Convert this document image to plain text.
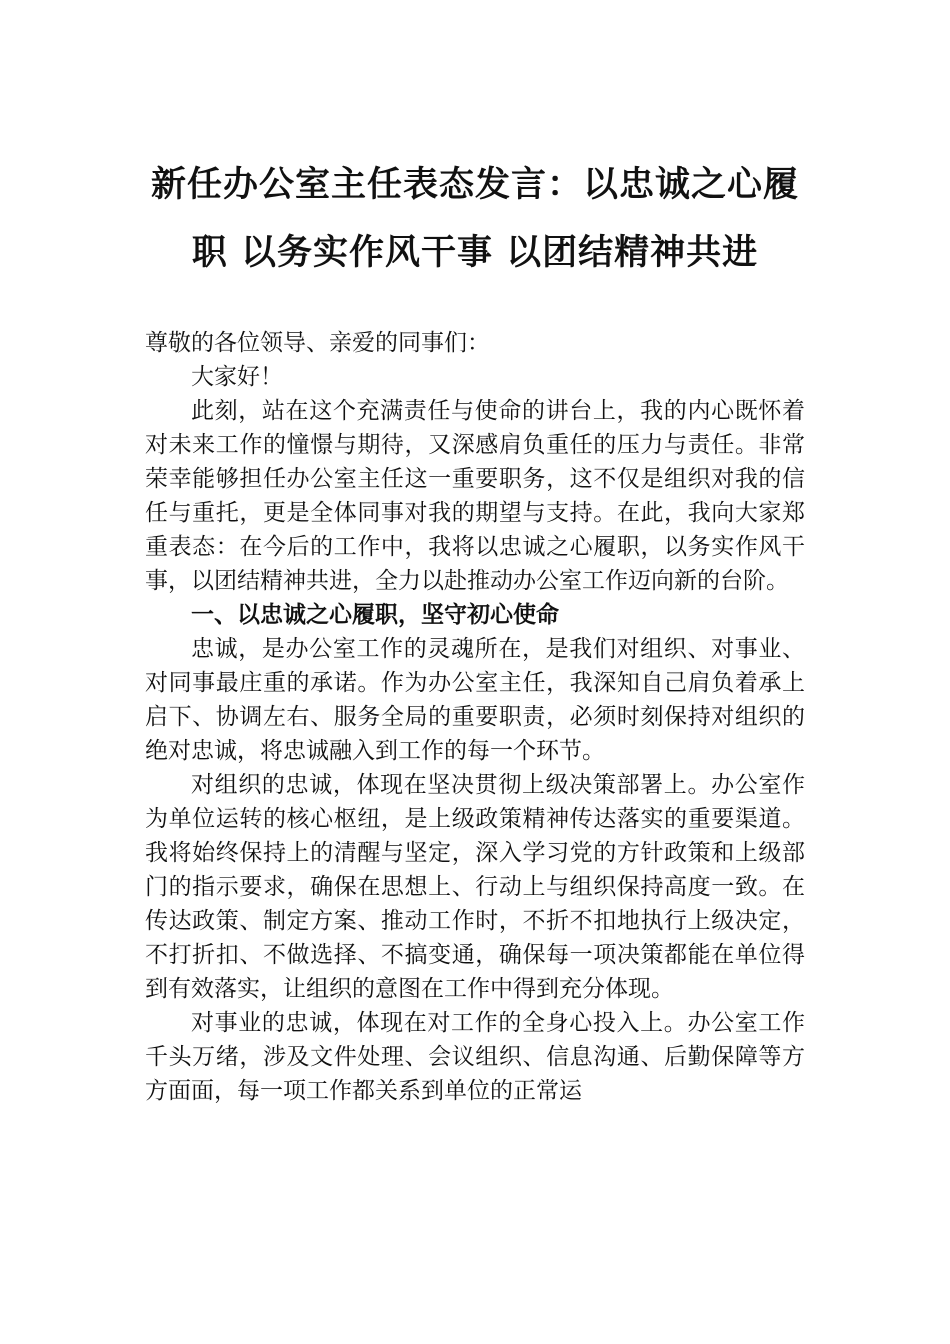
新任办公室主任表态发言：以忠诚之心履
职 以务实作风干事 以团结精神共进

尊敬的各位领导、亲爱的同事们：

大家好！

此刻，站在这个充满责任与使命的讲台上，我的内心既怀着对未来工作的憧憬与期待，又深感肩负重任的压力与责任。非常荣幸能够担任办公室主任这一重要职务，这不仅是组织对我的信任与重托，更是全体同事对我的期望与支持。在此，我向大家郑重表态：在今后的工作中，我将以忠诚之心履职，以务实作风干事，以团结精神共进，全力以赴推动办公室工作迈向新的台阶。

一、以忠诚之心履职，坚守初心使命

忠诚，是办公室工作的灵魂所在，是我们对组织、对事业、对同事最庄重的承诺。作为办公室主任，我深知自己肩负着承上启下、协调左右、服务全局的重要职责，必须时刻保持对组织的绝对忠诚，将忠诚融入到工作的每一个环节。

对组织的忠诚，体现在坚决贯彻上级决策部署上。办公室作为单位运转的核心枢纽，是上级政策精神传达落实的重要渠道。我将始终保持上的清醒与坚定，深入学习党的方针政策和上级部门的指示要求，确保在思想上、行动上与组织保持高度一致。在传达政策、制定方案、推动工作时，不折不扣地执行上级决定，不打折扣、不做选择、不搞变通，确保每一项决策都能在单位得到有效落实，让组织的意图在工作中得到充分体现。

对事业的忠诚，体现在对工作的全身心投入上。办公室工作千头万绪，涉及文件处理、会议组织、信息沟通、后勤保障等方方面面，每一项工作都关系到单位的正常运
